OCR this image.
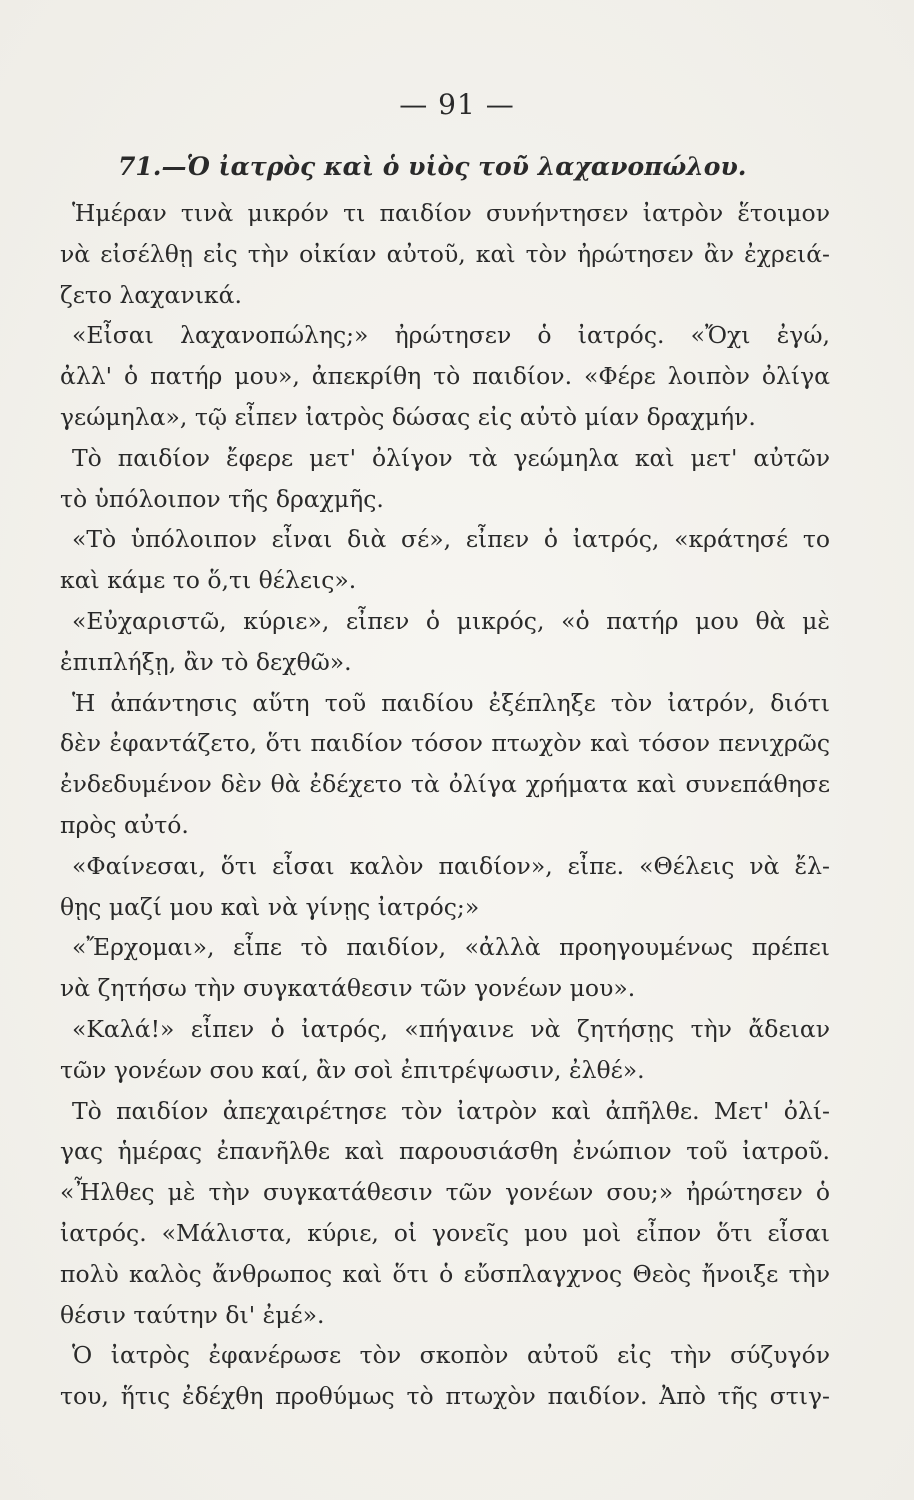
— 91 —
71.—Ὁ ἰατρὸς καὶ ὁ υἱὸς τοῦ λαχανοπώλου.
Ἡμέραν τινὰ μικρόν τι παιδίον συνήντησεν ἰατρὸν ἕτοιμον
νὰ εἰσέλθῃ εἰς τὴν οἰκίαν αὐτοῦ, καὶ τὸν ἠρώτησεν ἂν ἐχρειά-
ζετο λαχανικά.
«Εἶσαι λαχανοπώλης;» ἠρώτησεν ὁ ἰατρός. «Ὄχι ἐγώ,
ἀλλ' ὁ πατήρ μου», ἀπεκρίθη τὸ παιδίον. «Φέρε λοιπὸν ὀλίγα
γεώμηλα», τῷ εἶπεν ἰατρὸς δώσας εἰς αὐτὸ μίαν δραχμήν.
Τὸ παιδίον ἔφερε μετ' ὀλίγον τὰ γεώμηλα καὶ μετ' αὐτῶν
τὸ ὑπόλοιπον τῆς δραχμῆς.
«Τὸ ὑπόλοιπον εἶναι διὰ σέ», εἶπεν ὁ ἰατρός, «κράτησέ το
καὶ κάμε το ὅ,τι θέλεις».
«Εὐχαριστῶ, κύριε», εἶπεν ὁ μικρός, «ὁ πατήρ μου θὰ μὲ
ἐπιπλήξῃ, ἂν τὸ δεχθῶ».
Ἡ ἀπάντησις αὕτη τοῦ παιδίου ἐξέπληξε τὸν ἰατρόν, διότι
δὲν ἐφαντάζετο, ὅτι παιδίον τόσον πτωχὸν καὶ τόσον πενιχρῶς
ἐνδεδυμένον δὲν θὰ ἐδέχετο τὰ ὀλίγα χρήματα καὶ συνεπάθησε
πρὸς αὐτό.
«Φαίνεσαι, ὅτι εἶσαι καλὸν παιδίον», εἶπε. «Θέλεις νὰ ἔλ-
θῃς μαζί μου καὶ νὰ γίνῃς ἰατρός;»
«Ἔρχομαι», εἶπε τὸ παιδίον, «ἀλλὰ προηγουμένως πρέπει
νὰ ζητήσω τὴν συγκατάθεσιν τῶν γονέων μου».
«Καλά!» εἶπεν ὁ ἰατρός, «πήγαινε νὰ ζητήσῃς τὴν ἄδειαν
τῶν γονέων σου καί, ἂν σοὶ ἐπιτρέψωσιν, ἐλθέ».
Τὸ παιδίον ἀπεχαιρέτησε τὸν ἰατρὸν καὶ ἀπῆλθε. Μετ' ὀλί-
γας ἡμέρας ἐπανῆλθε καὶ παρουσιάσθη ἐνώπιον τοῦ ἰατροῦ.
«Ἦλθες μὲ τὴν συγκατάθεσιν τῶν γονέων σου;» ἠρώτησεν ὁ
ἰατρός. «Μάλιστα, κύριε, οἱ γονεῖς μου μοὶ εἶπον ὅτι εἶσαι
πολὺ καλὸς ἄνθρωπος καὶ ὅτι ὁ εὔσπλαγχνος Θεὸς ἤνοιξε τὴν
θέσιν ταύτην δι' ἐμέ».
Ὁ ἰατρὸς ἐφανέρωσε τὸν σκοπὸν αὐτοῦ εἰς τὴν σύζυγόν
του, ἥτις ἐδέχθη προθύμως τὸ πτωχὸν παιδίον. Ἀπὸ τῆς στιγ-
